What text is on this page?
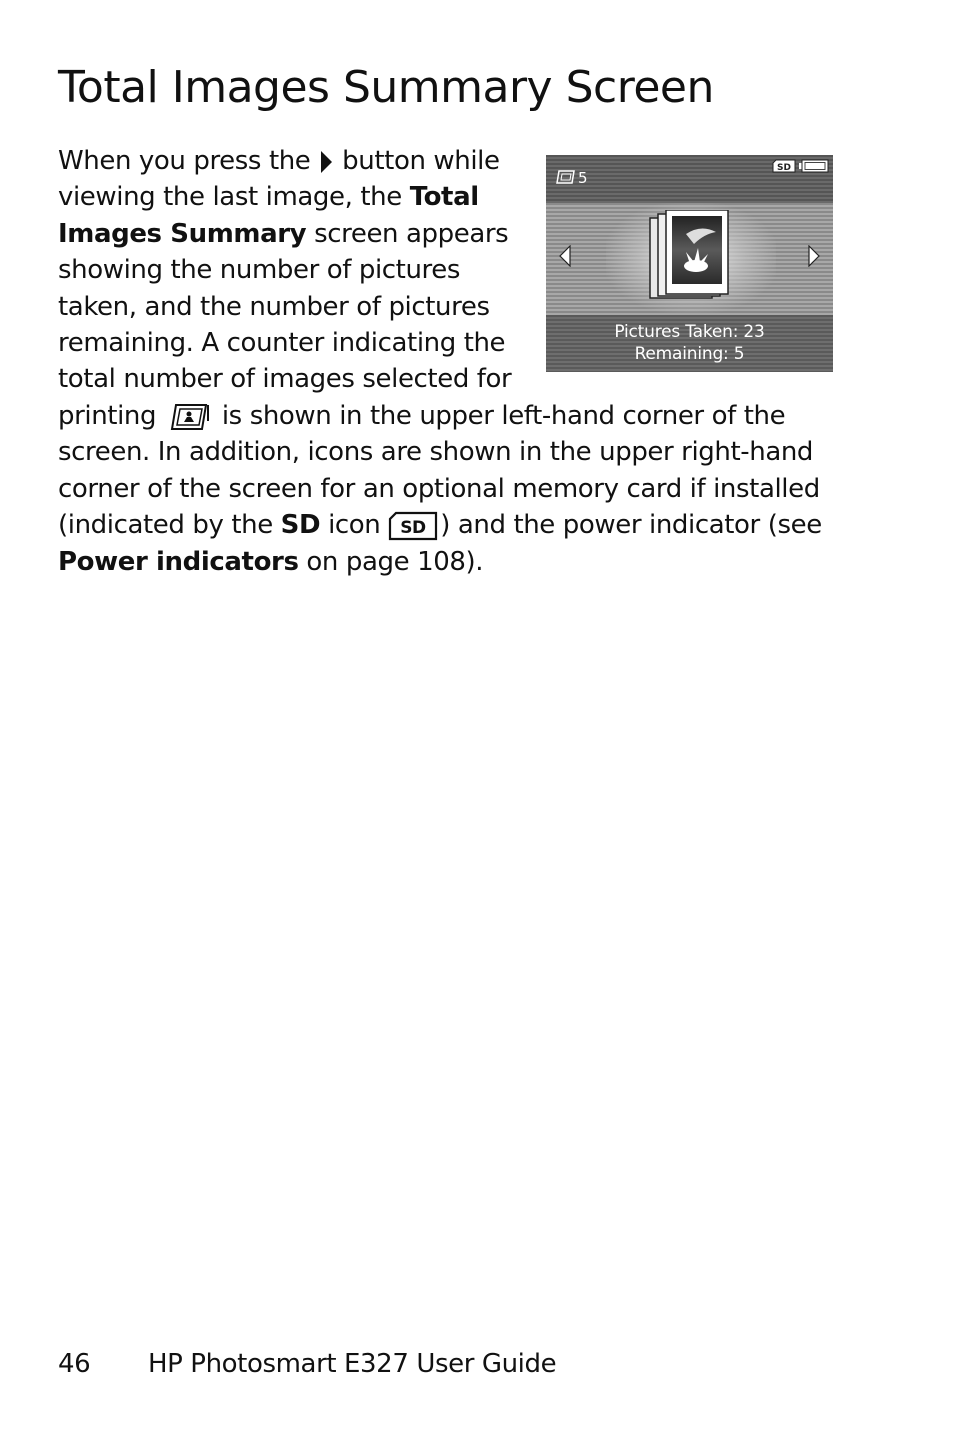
Total Images Summary Screen
When you press the button while
viewing the last image, the Total
Images Summary screen appears
showing the number of pictures
taken, and the number of pictures
remaining. A counter indicating the
total number of images selected for
printing	is shown in the upper left-hand corner of the
screen. In addition, icons are shown in the upper right-hand
corner of the screen for an optional memory card if installed
(indicated by the SD icon SD ) and the power indicator (see
Power indicators on page 108).
5
SD
Pictures Taken: 23
Remaining: 5
46 HP Photosmart E327 User Guide
